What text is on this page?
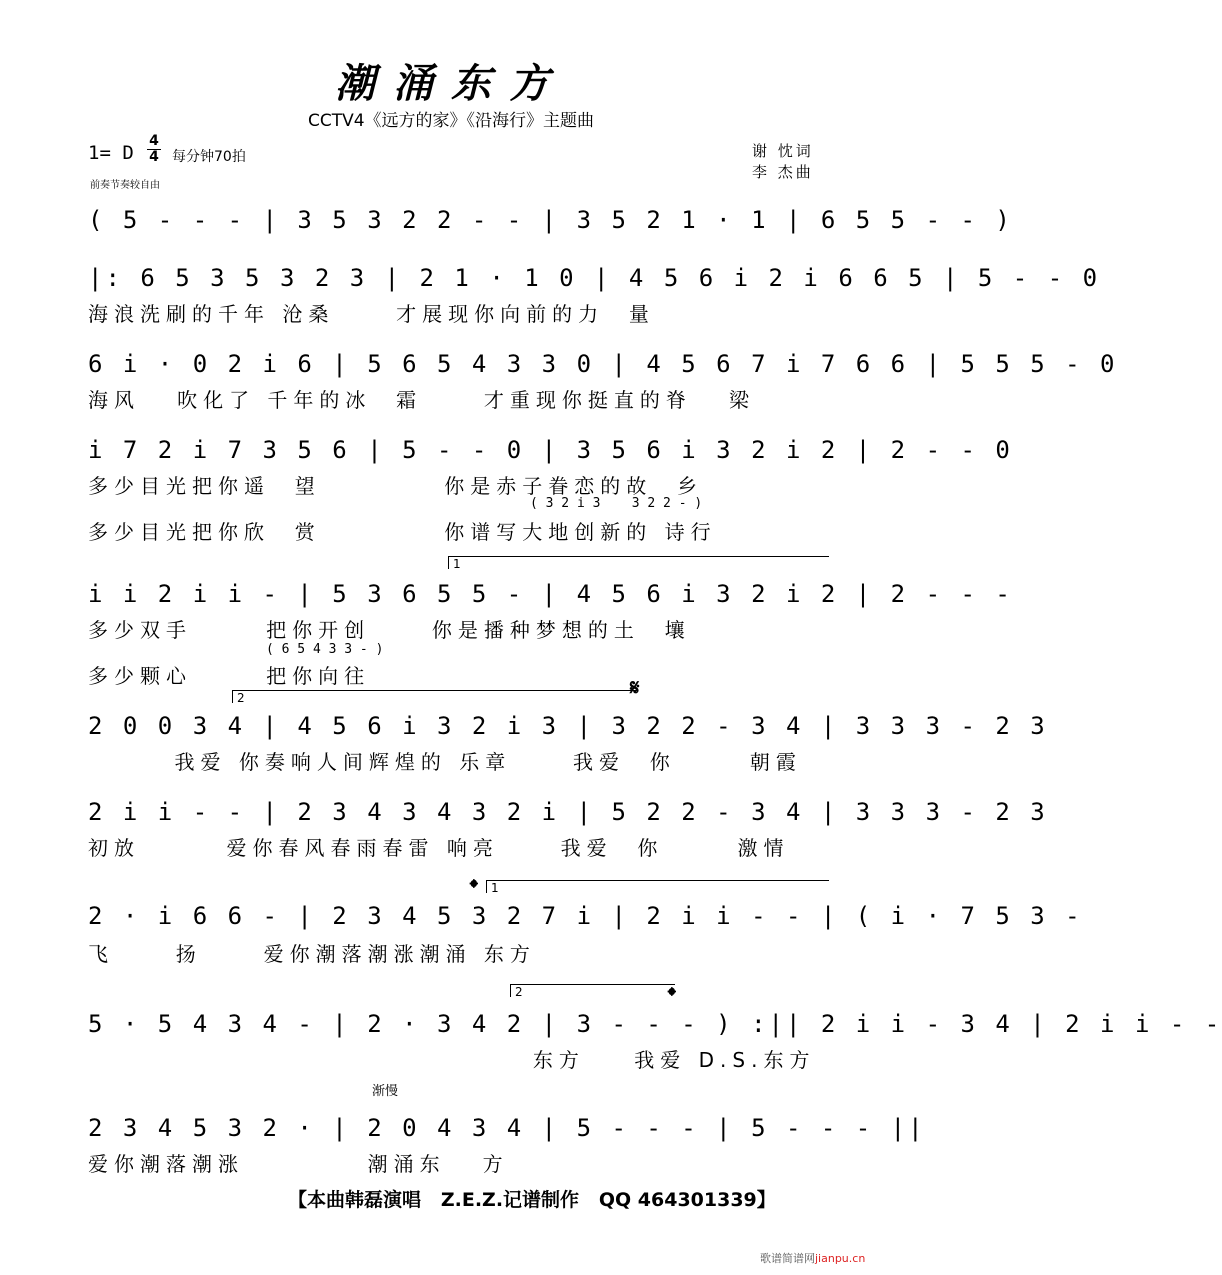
潮涌东方
CCTV4《远方的家》《沿海行》主题曲
1= D
4
4 每分钟70拍
前奏节奏较自由
谢 忱词
李 杰曲
( 5 - - - | 3 5 3 2 2 - - | 3 5 2 1 · 1 | 6 5 5 - - )
|: 6 5 3 5 3 2 3 | 2 1 · 1 0 | 4 5 6 i 2 i 6 6 5 | 5 - - 0
海浪洗刷的千年 沧桑     才展现你向前的力  量
6 i · 0 2 i 6 | 5 6 5 4 3 3 0 | 4 5 6 7 i 7 6 6 | 5 5 5 - 0
海风   吹化了 千年的冰  霜     才重现你挺直的脊   梁
i 7 2 i 7 3 5 6 | 5 - - 0 | 3 5 6 i 3 2 i 2 | 2 - - 0
多少目光把你遥  望          你是赤子眷恋的故  乡
( 3 2 i 3    3 2 2 - )
多少目光把你欣  赏          你谱写大地创新的 诗行
1
i i 2 i i - | 5 3 6 5 5 - | 4 5 6 i 3 2 i 2 | 2 - - -
多少双手      把你开创     你是播种梦想的土  壤
( 6 5 4 3 3 - )
多少颗心      把你向往
2	𝄋
2 0 0 3 4 | 4 5 6 i 3 2 i 3 | 3 2 2 - 3 4 | 3 3 3 - 2 3
我爱 你奏响人间辉煌的 乐章     我爱  你      朝霞
2 i i - - | 2 3 4 3 4 3 2 i | 5 2 2 - 3 4 | 3 3 3 - 2 3
初放       爱你春风春雨春雷 响亮     我爱  你      激情
1
𝄌
2 · i 6 6 - | 2 3 4 5 3 2 7 i | 2 i i - - | ( i · 7 5 3 -
飞     扬     爱你潮落潮涨潮涌 东方
2	𝄌
5 · 5 4 3 4 - | 2 · 3 4 2 | 3 - - - ) :|| 2 i i - 3 4 | 2 i i - -
东方    我爱 D.S.东方
渐慢
2 3 4 5 3 2 · | 2 0 4 3 4 | 5 - - - | 5 - - - ||
爱你潮落潮涨          潮涌东   方
【本曲韩磊演唱   Z.E.Z.记谱制作   QQ 464301339】
歌谱简谱网jianpu.cn
